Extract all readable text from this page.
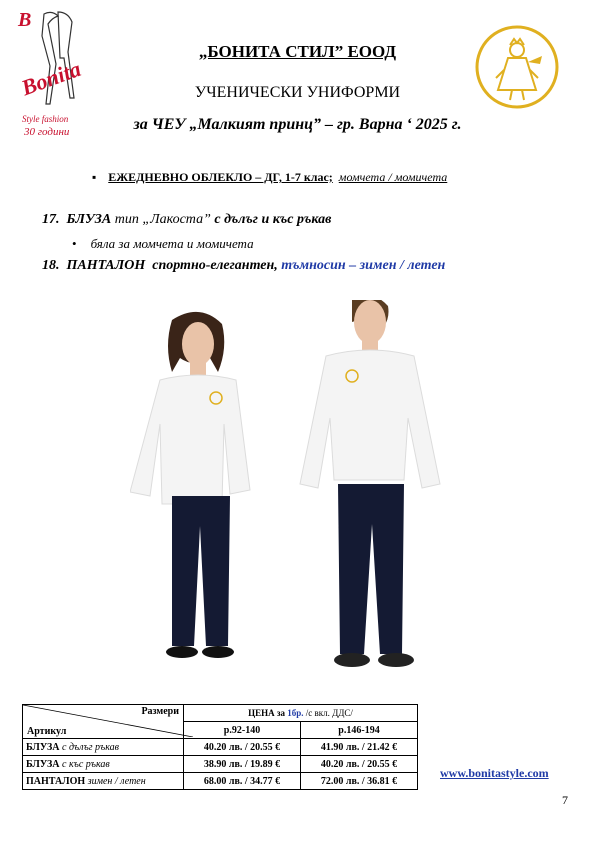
B
Bonita
Style fashion
30 години
„БОНИТА СТИЛ” ЕООД
УЧЕНИЧЕСКИ УНИФОРМИ
за ЧЕУ „Малкият принц” – гр. Варна ‘ 2025 г.
▪ ЕЖЕДНЕВНО ОБЛЕКЛО – ДГ, 1-7 клас; момчета / момичета
17. БЛУЗА тип „Лакоста” с дълъг и къс ръкав
• бяла за момчета и момичета
18. ПАНТАЛОН спортно-елегантен, тъмносин – зимен / летен
Размери
Артикул	ЦЕНА за 1бр. /с вкл. ДДС/	
	р.92-140	р.146-194
БЛУЗА с дълъг ръкав	40.20 лв. / 20.55 €	41.90 лв. / 21.42 €
БЛУЗА с къс ръкав	38.90 лв. / 19.89 €	40.20 лв. / 20.55 €
ПАНТАЛОН зимен / летен	68.00 лв. / 34.77 €	72.00 лв. / 36.81 €
www.bonitastyle.com
7
